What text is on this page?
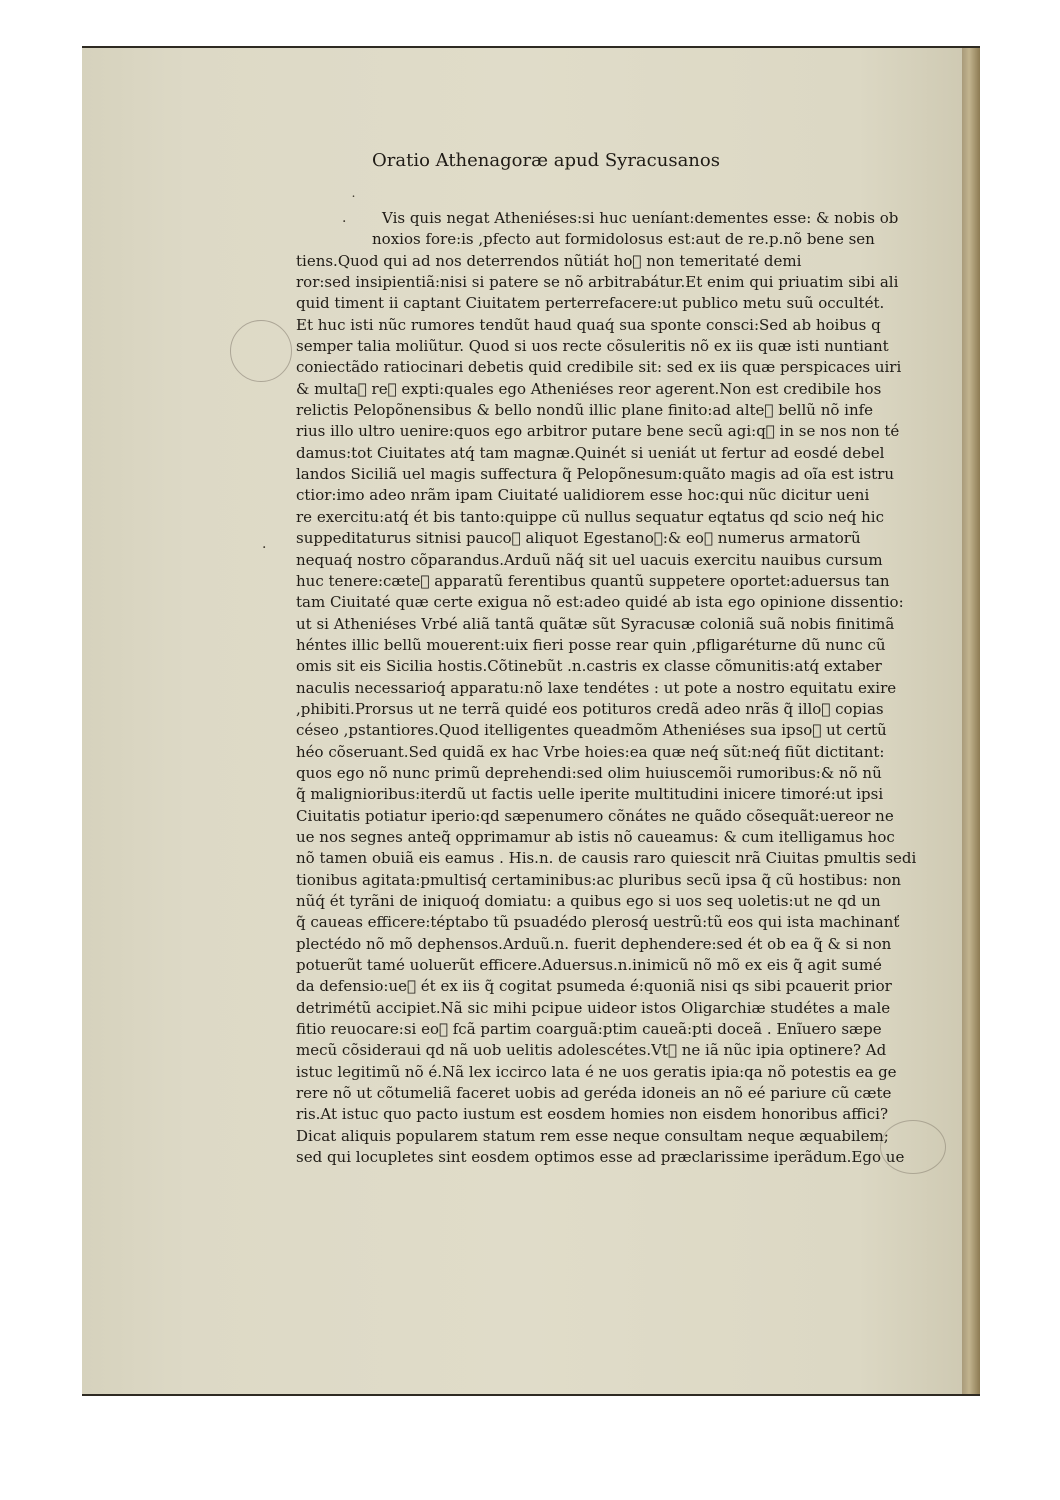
Oratio Athenagoræ apud Syracusanos
˙
·
·
Vis quis negat Atheniéses:si huc ueníant:dementes esse: & nobis ob
noxios fore:is ,pfecto aut formidolosus est:aut de re.p.nõ bene sen
tiens.Quod qui ad nos deterrendos nũtiát ho᷒ non temeritaté demi
ror:sed insipientiã:nisi si patere se nõ arbitrabátur.Et enim qui priuatim sibi ali
quid timent ii captant Ciuitatem perterrefacere:ut publico metu suũ occultét.
Et huc isti nũc rumores tendũt haud quaq́ sua sponte consci:Sed ab hoibus q
semper talia moliũtur. Quod si uos recte cõsuleritis nõ ex iis quæ isti nuntiant
coniectãdo ratiocinari debetis quid credibile sit: sed ex iis quæ perspicaces uiri
& multa᷒ re᷒ expti:quales ego Atheniéses reor agerent.Non est credibile hos
relictis Pelopõnensibus & bello nondũ illic plane finito:ad alte᷒ bellũ nõ infe
rius illo ultro uenire:quos ego arbitror putare bene secũ agi:q᷑ in se nos non té
damus:tot Ciuitates atq́ tam magnæ.Quinét si ueniát ut fertur ad eosdé debel
landos Siciliã uel magis suffectura q̃ Pelopõnesum:quãto magis ad oĩa est istru
ctior:imo adeo nrãm ipam Ciuitaté ualidiorem esse hoc:qui nũc dicitur ueni
re exercitu:atq́ ét bis tanto:quippe cũ nullus sequatur eqtatus qd scio neq́ hic
suppeditaturus sitnisi pauco᷒ aliquot Egestano᷒:& eo᷒ numerus armatorũ
nequaq́ nostro cõparandus.Arduũ nãq́ sit uel uacuis exercitu nauibus cursum
huc tenere:cæte᷒ apparatũ ferentibus quantũ suppetere oportet:aduersus tan
tam Ciuitaté quæ certe exigua nõ est:adeo quidé ab ista ego opinione dissentio:
ut si Atheniéses Vrbé aliã tantã quãtæ sũt Syracusæ coloniã suã nobis finitimã
héntes illic bellũ mouerent:uix fieri posse rear quin ,pfligaréturne dũ nunc cũ
omis sit eis Sicilia hostis.Cõtinebũt .n.castris ex classe cõmunitis:atq́ extaber
naculis necessarioq́ apparatu:nõ laxe tendétes : ut pote a nostro equitatu exire
,phibiti.Prorsus ut ne terrã quidé eos potituros credã adeo nrãs q̃ illo᷒ copias
céseo ,pstantiores.Quod itelligentes queadmõm Atheniéses sua ipso᷒ ut certũ
héo cõseruant.Sed quidã ex hac Vrbe hoies:ea quæ neq́ sũt:neq́ fiũt dictitant:
quos ego nõ nunc primũ deprehendi:sed olim huiuscemõi rumoribus:& nõ nũ
q̃ malignioribus:iterdũ ut factis uelle iperite multitudini inicere timoré:ut ipsi
Ciuitatis potiatur iperio:qd sæpenumero cõnátes ne quãdo cõsequãt:uereor ne
ue nos segnes anteq̃ opprimamur ab istis nõ caueamus: & cum itelligamus hoc
nõ tamen obuiã eis eamus . His.n. de causis raro quiescit nrã Ciuitas pmultis sedi
tionibus agitata:pmultisq́ certaminibus:ac pluribus secũ ipsa q̃ cũ hostibus: non
nũq́ ét tyrãni de iniquoq́ domiatu: a quibus ego si uos seq uoletis:ut ne qd un
q̃ caueas efficere:téptabo tũ psuadédo plerosq́ uestrũ:tũ eos qui ista machinanť
plectédo nõ mõ dephensos.Arduũ.n. fuerit dephendere:sed ét ob ea q̃ & si non
potuerũt tamé uoluerũt efficere.Aduersus.n.inimicũ nõ mõ ex eis q̃ agit sumé
da defensio:ue᷒ ét ex iis q̃ cogitat psumeda é:quoniã nisi qs sibi pcauerit prior
detrimétũ accipiet.Nã sic mihi pcipue uideor istos Oligarchiæ studétes a male
fitio reuocare:si eo᷒ fcã partim coarguã:ptim caueã:pti doceã . Enĩuero sæpe
mecũ cõsideraui qd nã uob uelitis adolescétes.Vt᷒ ne iã nũc ipia optinere? Ad
istuc legitimũ nõ é.Nã lex iccirco lata é ne uos geratis ipia:qa nõ potestis ea ge
rere nõ ut cõtumeliã faceret uobis ad geréda idoneis an nõ eé pariure cũ cæte
ris.At istuc quo pacto iustum est eosdem homies non eisdem honoribus affici?
Dicat aliquis popularem statum rem esse neque consultam neque æquabilem;
sed qui locupletes sint eosdem optimos esse ad præclarissime iperãdum.Ego ue
